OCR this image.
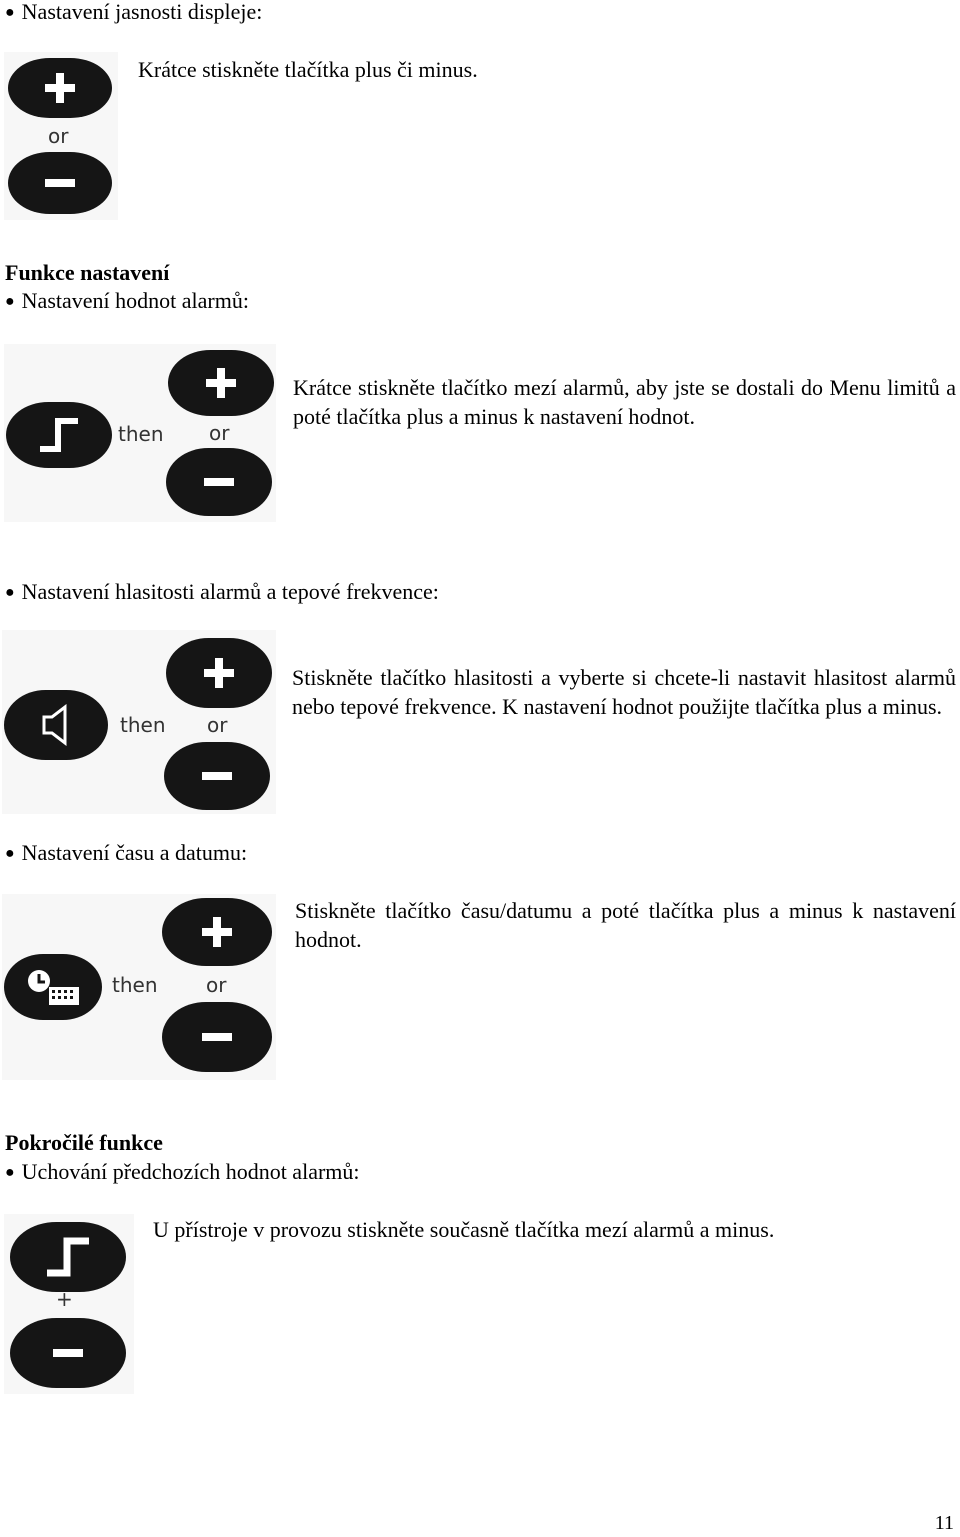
● Nastavení jasnosti displeje:
or
Krátce stiskněte tlačítka plus či minus.
Funkce nastavení
● Nastavení hodnot alarmů:
then or
Krátce stiskněte tlačítko mezí alarmů, aby jste se dostali do Menu limitů a poté tlačítka plus a minus k nastavení hodnot.
● Nastavení hlasitosti alarmů a tepové frekvence:
then or
Stiskněte tlačítko hlasitosti a vyberte si chcete-li nastavit hlasitost alarmů nebo tepové frekvence. K nastavení hodnot použijte tlačítka plus a minus.
● Nastavení času a datumu:
then or
Stiskněte tlačítko času/datumu a poté tlačítka plus a minus k nastavení hodnot.
Pokročilé funkce
● Uchování předchozích hodnot alarmů:
+
U přístroje v provozu stiskněte současně tlačítka mezí alarmů a minus.
11
